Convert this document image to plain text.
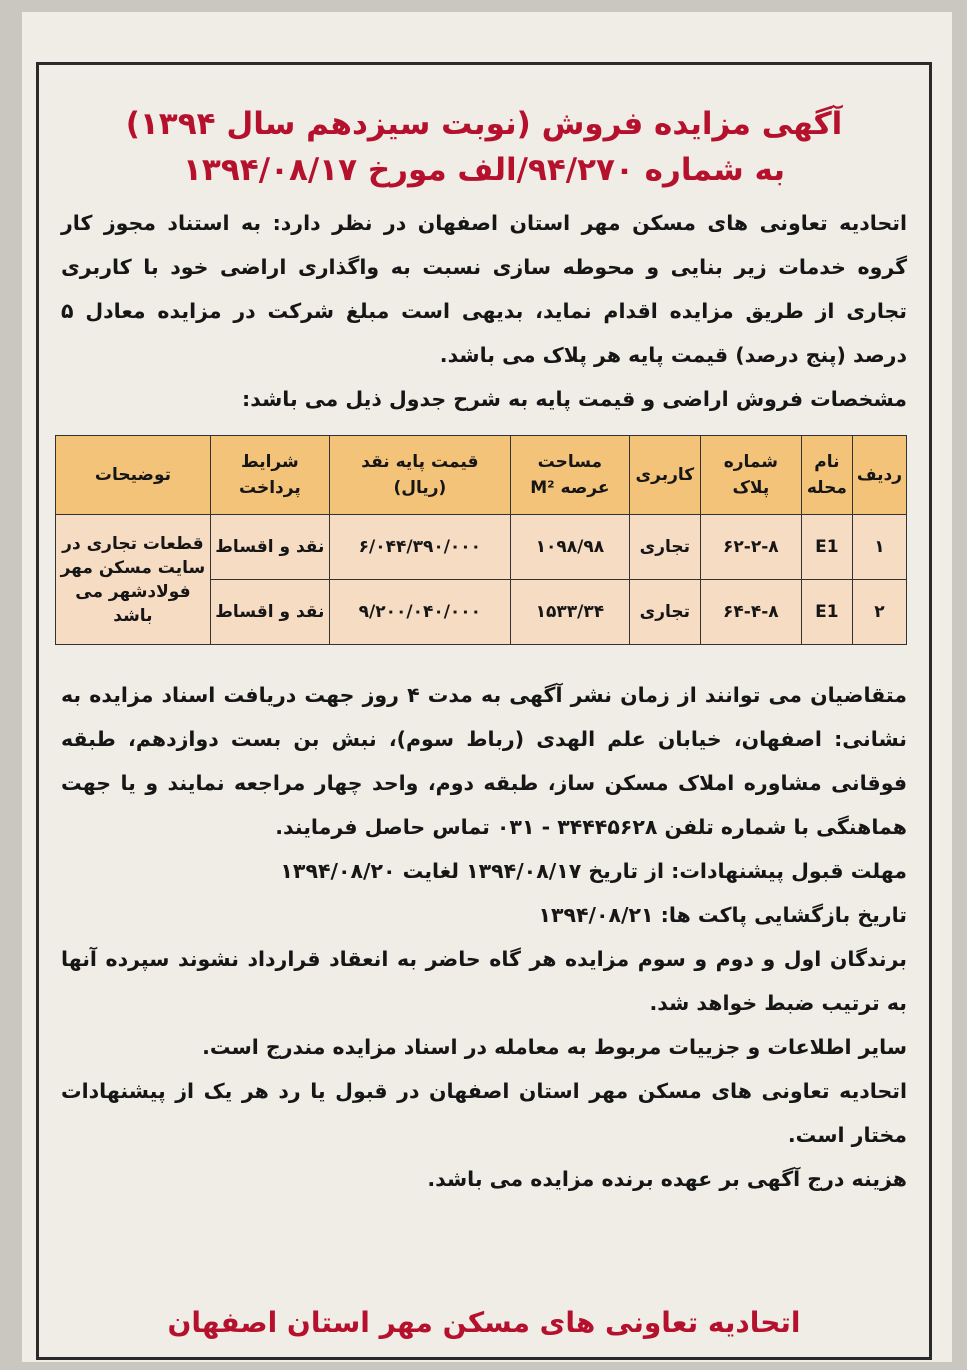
آگهی مزایده فروش (نوبت سیزدهم سال ۱۳۹۴)
به شماره ۹۴/۲۷۰/الف مورخ ۱۳۹۴/۰۸/۱۷

اتحادیه تعاونی های مسکن مهر استان اصفهان در نظر دارد: به استناد مجوز کار گروه خدمات زیر بنایی و محوطه سازی نسبت به واگذاری اراضی خود با کاربری تجاری از طریق مزایده اقدام نماید، بدیهی است مبلغ شرکت در مزایده معادل ۵ درصد (پنج درصد) قیمت پایه هر پلاک می باشد.

مشخصات فروش اراضی و قیمت پایه به شرح جدول ذیل می باشد:

ردیف	نام محله	شماره پلاک	کاربری	مساحت عرصه M²	قیمت پایه نقد (ریال)	شرایط پرداخت	توضیحات
۱	E1	۶۲-۲-۸	تجاری	۱۰۹۸/۹۸	۶/۰۴۴/۳۹۰/۰۰۰	نقد و اقساط	قطعات تجاری در سایت مسکن مهر فولادشهر می باشد
۲	E1	۶۴-۴-۸	تجاری	۱۵۳۳/۳۴	۹/۲۰۰/۰۴۰/۰۰۰	نقد و اقساط	

متقاضیان می توانند از زمان نشر آگهی به مدت ۴ روز جهت دریافت اسناد مزایده به نشانی: اصفهان، خیابان علم الهدی (رباط سوم)، نبش بن بست دوازدهم، طبقه فوقانی مشاوره املاک مسکن ساز، طبقه دوم، واحد چهار مراجعه نمایند و یا جهت هماهنگی با شماره تلفن ۳۴۴۴۵۶۲۸ - ۰۳۱ تماس حاصل فرمایند.

مهلت قبول پیشنهادات: از تاریخ ۱۳۹۴/۰۸/۱۷ لغایت ۱۳۹۴/۰۸/۲۰

تاریخ بازگشایی پاکت ها: ۱۳۹۴/۰۸/۲۱

برندگان اول و دوم و سوم مزایده هر گاه حاضر به انعقاد قرارداد نشوند سپرده آنها به ترتیب ضبط خواهد شد.

سایر اطلاعات و جزییات مربوط به معامله در اسناد مزایده مندرج است.

اتحادیه تعاونی های مسکن مهر استان اصفهان در قبول یا رد هر یک از پیشنهادات مختار است.

هزینه درج آگهی بر عهده برنده مزایده می باشد.

اتحادیه تعاونی های مسکن مهر استان اصفهان
